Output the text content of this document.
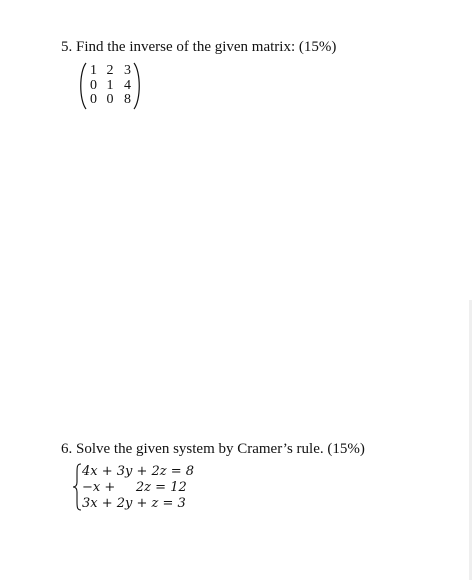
5. Find the inverse of the given matrix: (15%)

1 2 3
0 1 4
0 0 8

6. Solve the given system by Cramer’s rule. (15%)

4x + 3y + 2z = 8
−x +     2z = 12
3x + 2y + z = 3
